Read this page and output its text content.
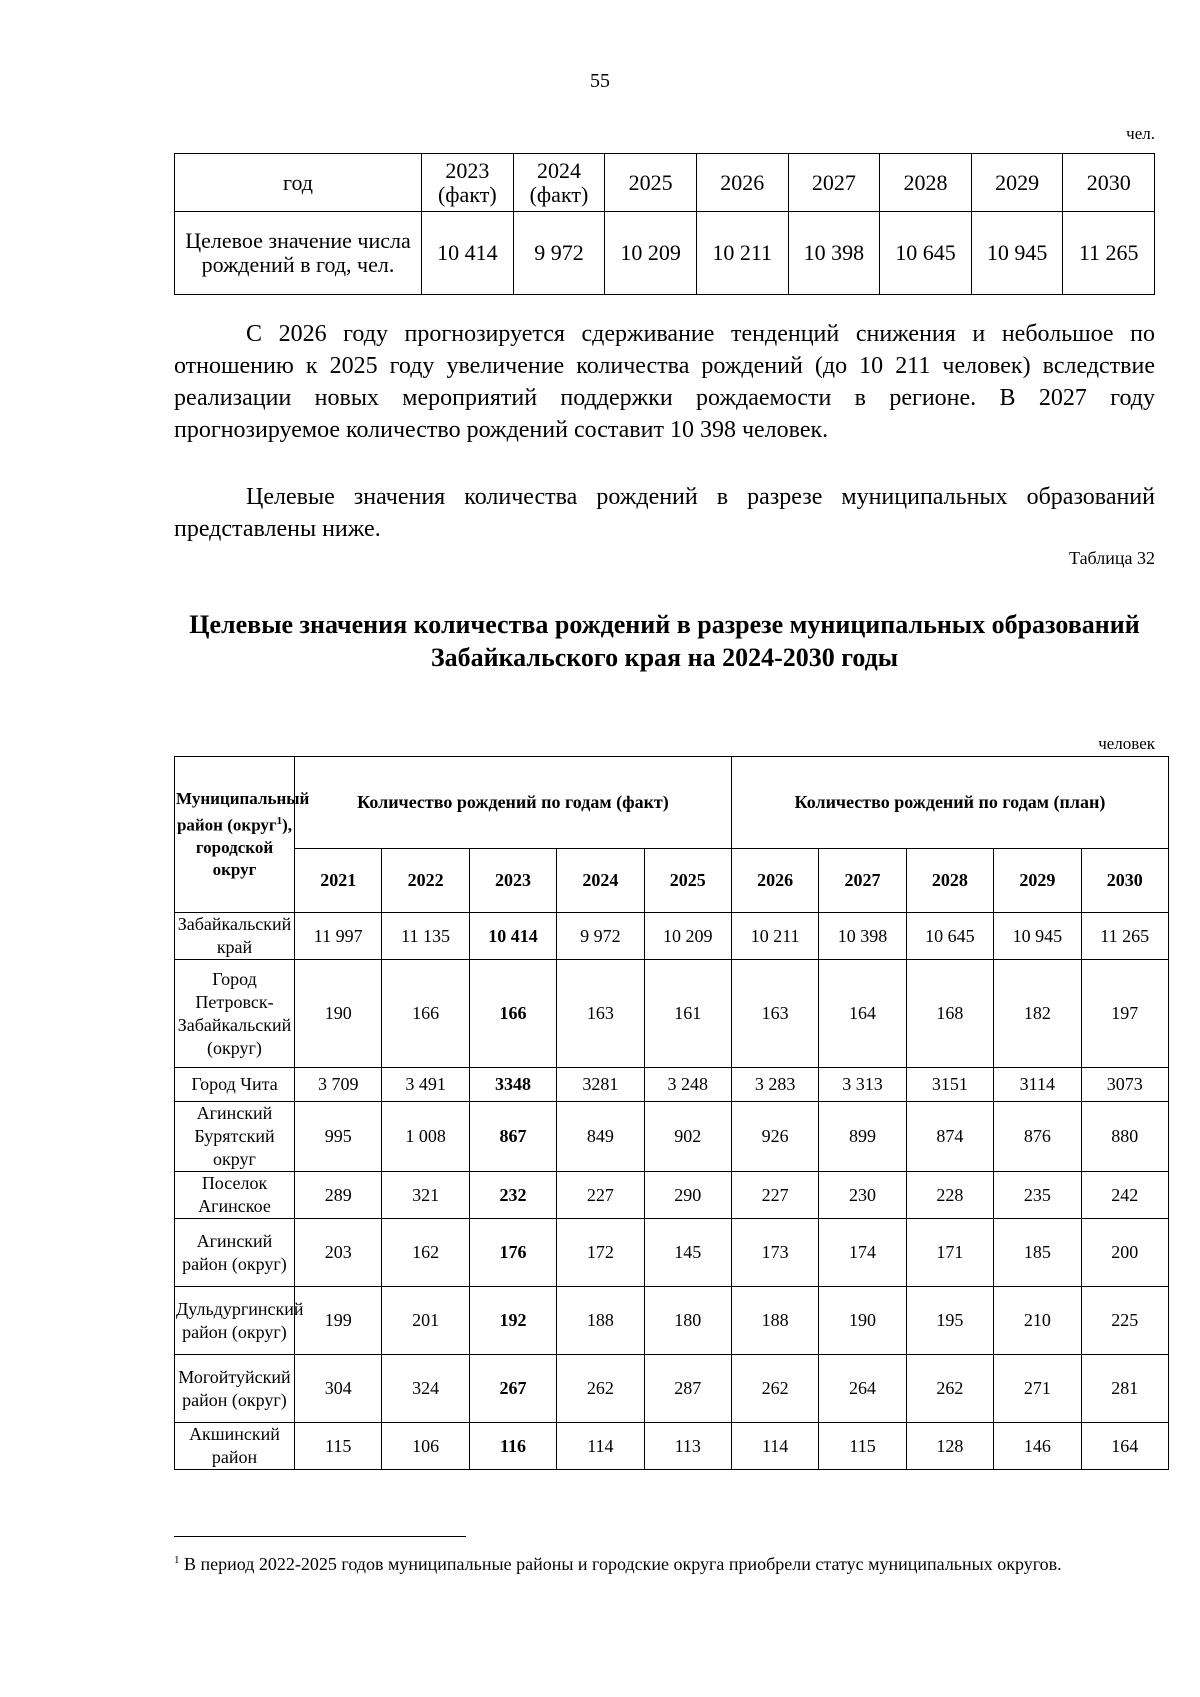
55
чел.
год	2023 (факт)	2024 (факт)	2025	2026	2027	2028	2029	2030
Целевое значение числа рождений в год, чел.	10 414	9 972	10 209	10 211	10 398	10 645	10 945	11 265

С 2026 году прогнозируется сдерживание тенденций снижения и небольшое по отношению к 2025 году увеличение количества рождений (до 10 211 человек) вследствие реализации новых мероприятий поддержки рождаемости в регионе. В 2027 году прогнозируемое количество рождений составит 10 398 человек.

Целевые значения количества рождений в разрезе муниципальных образований представлены ниже.

Таблица 32
Целевые значения количества рождений в разрезе муниципальных образований Забайкальского края на 2024-2030 годы
человек
Муниципальный район (округ$^1$), городской округ	Количество рождений по годам (факт)					Количество рождений по годам (план)				
	2021	2022	2023	2024	2025	2026	2027	2028	2029	2030
Забайкальский край	11 997	11 135	10 414	9 972	10 209	10 211	10 398	10 645	10 945	11 265
Город Петровск-Забайкальский (округ)	190	166	166	163	161	163	164	168	182	197
Город Чита	3 709	3 491	3348	3281	3 248	3 283	3 313	3151	3114	3073
Агинский Бурятский округ	995	1 008	867	849	902	926	899	874	876	880
Поселок Агинское	289	321	232	227	290	227	230	228	235	242
Агинский район (округ)	203	162	176	172	145	173	174	171	185	200
Дульдургинский район (округ)	199	201	192	188	180	188	190	195	210	225
Могойтуйский район (округ)	304	324	267	262	287	262	264	262	271	281
Акшинский район	115	106	116	114	113	114	115	128	146	164
$^1$ В период 2022-2025 годов муниципальные районы и городские округа приобрели статус муниципальных округов.
